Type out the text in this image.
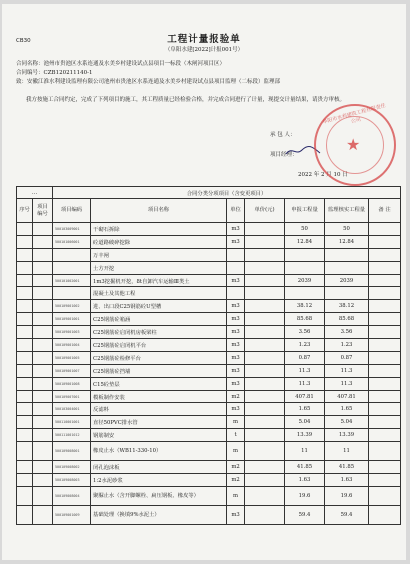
CB30	工程计量报验单
（阜阳水建[2022]计报001号）
合同名称：池州市贵池区水系连通及水美乡村建设试点县项目一标段（木闸河项目区）
合同编号：CZB120211140-1
致：安徽江淮水利建设监理有限公司池州市贵池区水系连通及水美乡村建设试点县项目监理（二标段）监理部
我方按施工合同约定，完成了下列项目的施工，其工程质量已经检验合格，并完成合同进行了计量，现提交计量结果，请贵方审核。
承 包 人：
项目经理：
2022 年 2 月 10 日
阜阳市水利建筑工程有限责任公司
★
…		合同分类分项项目（含变更项目）						
序号	项目编号	项目编码	项目名称	单位	单价(元)	申报工程量	监理核实工程量	备 注
		500103009001	干砌石拆除	m3		50	50	
		500101006001	砼道路破碎挖除	m3		12.84	12.84	
			万丰闸					
			土方开挖					
		500101002001	1m3挖掘机开挖，8t自卸汽车运输Ⅲ类土	m3		2039	2039	
			混凝土及其他工程					
		500109001002	进、出口段C25钢筋砼U型槽	m3		38.12	38.12	
		500109001001	C25钢筋砼箱涵	m3		85.68	85.68	
		500109001003	C25钢筋砼启闭机房板梁柱	m3		3.56	3.56	
		500109001004	C25钢筋砼启闭机平台	m3		1.23	1.23	
		500109001005	C25钢筋砼检修平台	m3		0.87	0.87	
		500109001007	C25钢筋砼挡墙	m3		11.3	11.3	
		500109001008	C15砼垫层	m3		11.3	11.3	
		500109007001	模板制作安装	m2		407.81	407.81	
		500103004001	反滤料	m3		1.65	1.65	
		500110001001	直径50PVC排水管	m		5.04	5.04	
		500111001012	钢筋制安	t		13.39	13.39	
		500109008001	橡皮止水（WB11-330-10）	m		11	11	
		500109008002	闭孔泡沫板	m2		41.85	41.85	
		500109008003	1:2水泥砂浆	m2		1.63	1.63	
		500109008004	聚脲止水（含开脚螺栓、扁压钢板、橡皮等）	m		19.6	19.6	
		500109001009	基础处理（换填9%水泥土）	m3		59.4	59.4	
